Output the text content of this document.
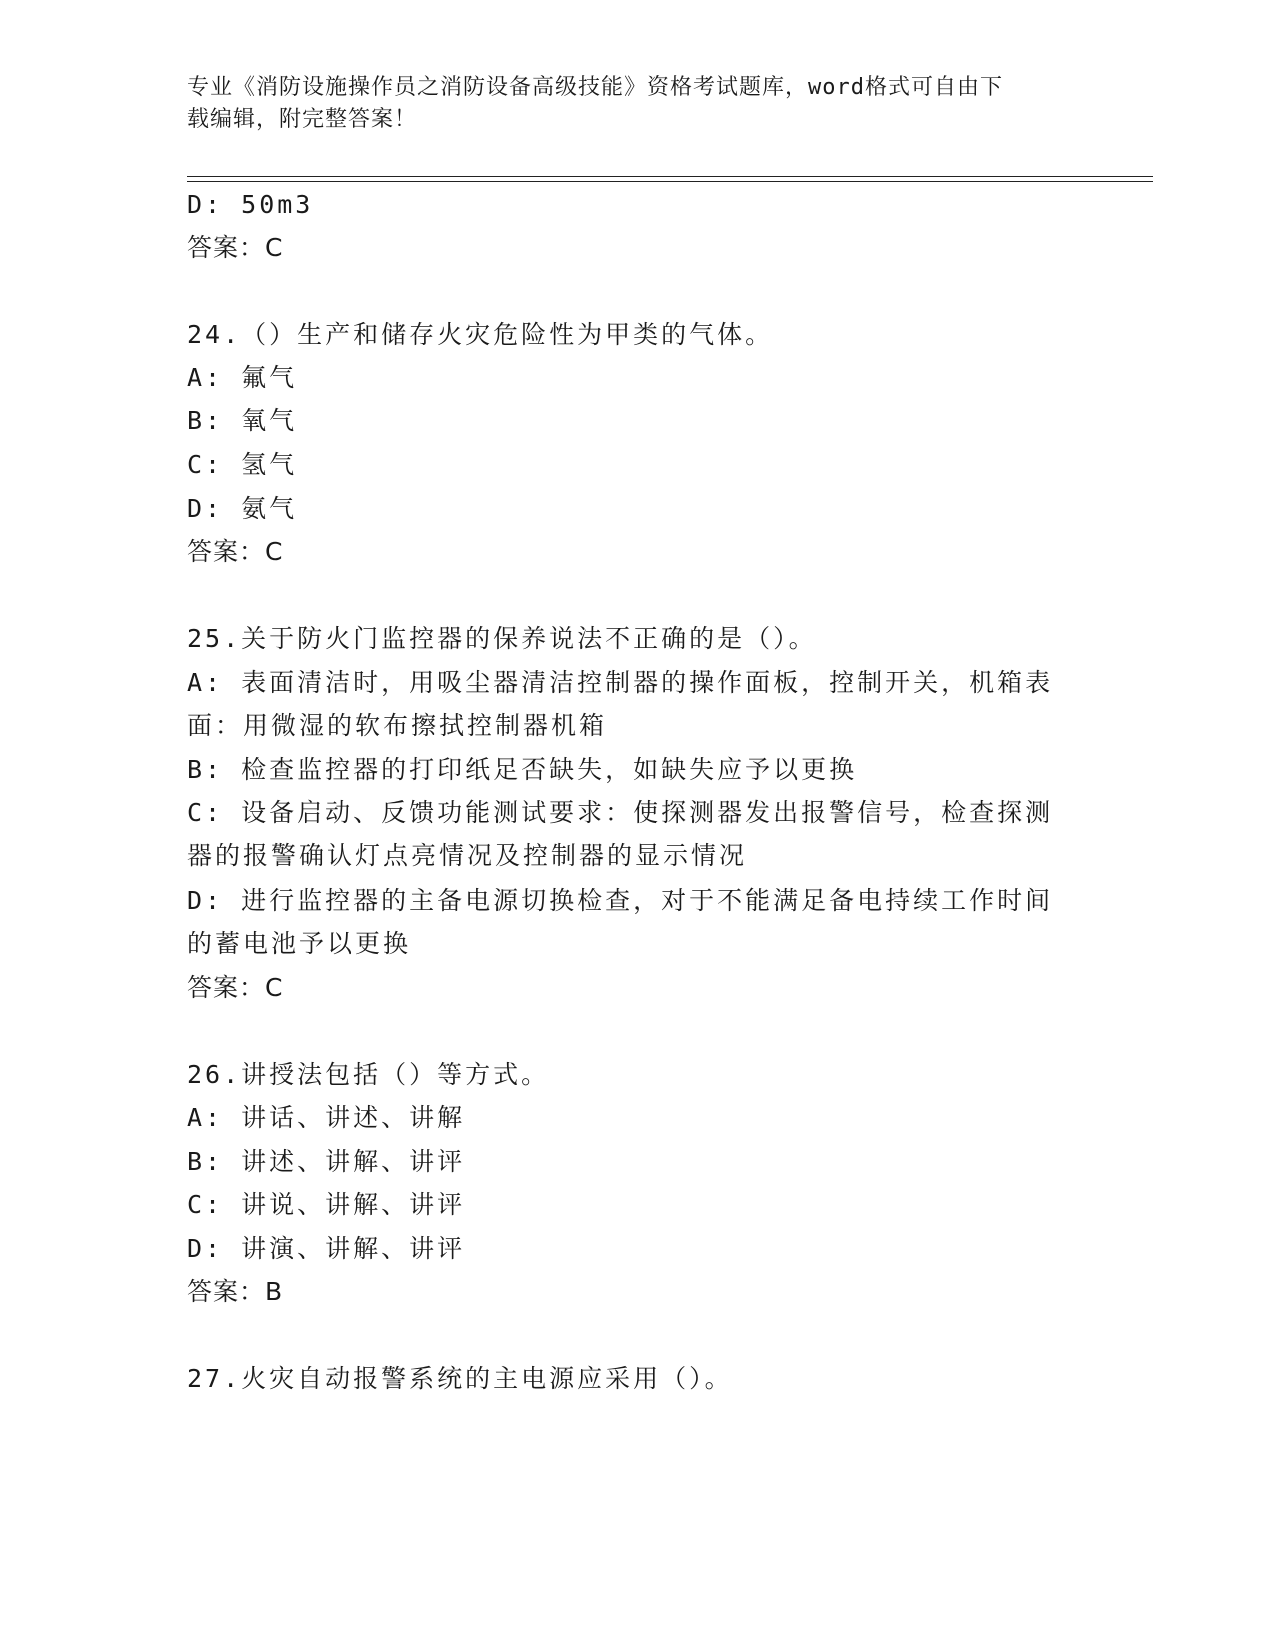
专业《消防设施操作员之消防设备高级技能》资格考试题库，word格式可自由下
载编辑，附完整答案！
D: 50m3
答案：C
24.（）生产和储存火灾危险性为甲类的气体。
A: 氟气
B: 氧气
C: 氢气
D: 氨气
答案：C
25.关于防火门监控器的保养说法不正确的是（）。
A: 表面清洁时，用吸尘器清洁控制器的操作面板，控制开关，机箱表
面：用微湿的软布擦拭控制器机箱
B: 检查监控器的打印纸足否缺失，如缺失应予以更换
C: 设备启动、反馈功能测试要求：使探测器发出报警信号，检查探测
器的报警确认灯点亮情况及控制器的显示情况
D: 进行监控器的主备电源切换检查，对于不能满足备电持续工作时间
的蓄电池予以更换
答案：C
26.讲授法包括（）等方式。
A: 讲话、讲述、讲解
B: 讲述、讲解、讲评
C: 讲说、讲解、讲评
D: 讲演、讲解、讲评
答案：B
27.火灾自动报警系统的主电源应采用（）。
